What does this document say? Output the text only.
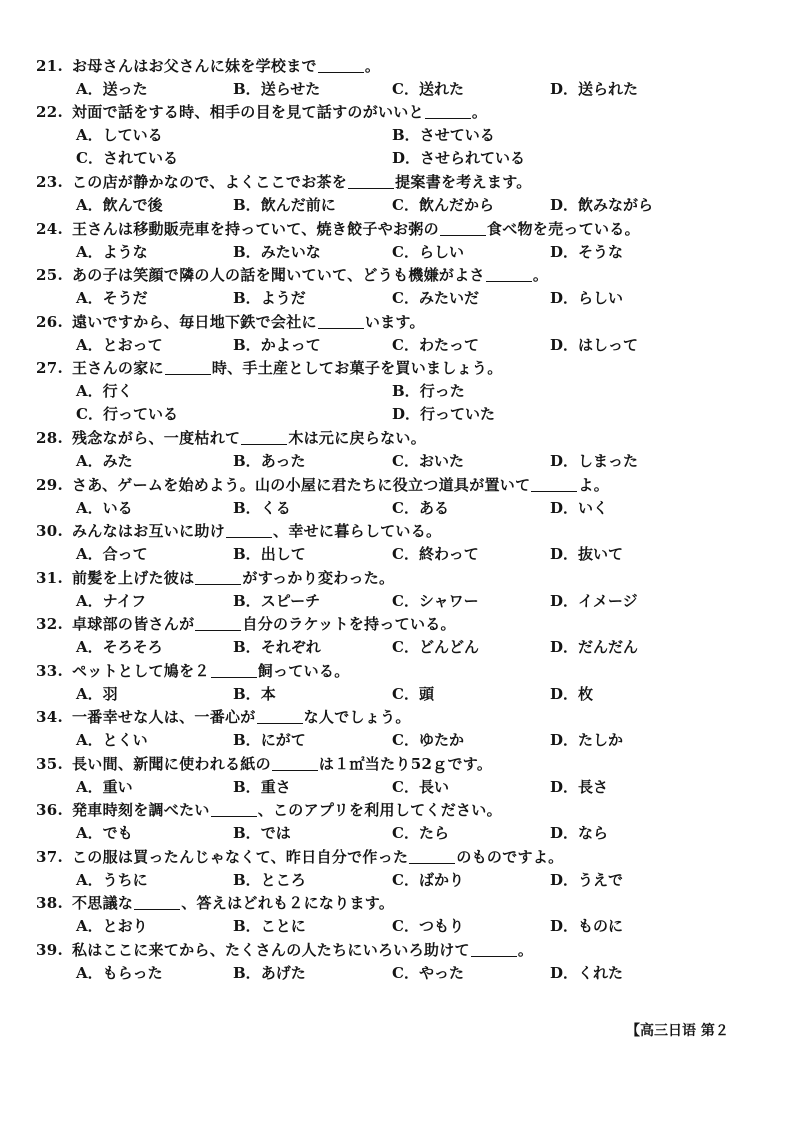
21. お母さんはお父さんに妹を学校まで	。
A．送った	B．送らせた	C．送れた	D．送られた
22. 対面で話をする時、相手の目を見て話すのがいいと	。
A．している	B．させている
C．されている	D．させられている
23. この店が静かなので、よくここでお茶を	提案書を考えます。
A．飲んで後	B．飲んだ前に	C．飲んだから	D．飲みながら
24. 王さんは移動販売車を持っていて、焼き餃子やお粥の	食べ物を売っている。
A．ような	B．みたいな	C．らしい	D．そうな
25. あの子は笑顔で隣の人の話を聞いていて、どうも機嫌がよさ	。
A．そうだ	B．ようだ	C．みたいだ	D．らしい
26. 遠いですから、毎日地下鉄で会社に	います。
A．とおって	B．かよって	C．わたって	D．はしって
27. 王さんの家に	時、手土産としてお菓子を買いましょう。
A．行く	B．行った
C．行っている	D．行っていた
28. 残念ながら、一度枯れて	木は元に戻らない。
A．みた	B．あった	C．おいた	D．しまった
29. さあ、ゲームを始めよう。山の小屋に君たちに役立つ道具が置いて	よ。
A．いる	B．くる	C．ある	D．いく
30. みんなはお互いに助け	、幸せに暮らしている。
A．合って	B．出して	C．終わって	D．抜いて
31. 前髪を上げた彼は	がすっかり変わった。
A．ナイフ	B．スピーチ	C．シャワー	D．イメージ
32. 卓球部の皆さんが	自分のラケットを持っている。
A．そろそろ	B．それぞれ	C．どんどん	D．だんだん
33. ペットとして鳩を２	飼っている。
A．羽	B．本	C．頭	D．枚
34. 一番幸せな人は、一番心が	な人でしょう。
A．とくい	B．にがて	C．ゆたか	D．たしか
35. 長い間、新聞に使われる紙の	は１㎡当たり52ｇです。
A．重い	B．重さ	C．長い	D．長さ
36. 発車時刻を調べたい	、このアプリを利用してください。
A．でも	B．では	C．たら	D．なら
37. この服は買ったんじゃなくて、昨日自分で作った	のものですよ。
A．うちに	B．ところ	C．ばかり	D．うえで
38. 不思議な	、答えはどれも２になります。
A．とおり	B．ことに	C．つもり	D．ものに
39. 私はここに来てから、たくさんの人たちにいろいろ助けて	。
A．もらった	B．あげた	C．やった	D．くれた
【高三日语 第２
